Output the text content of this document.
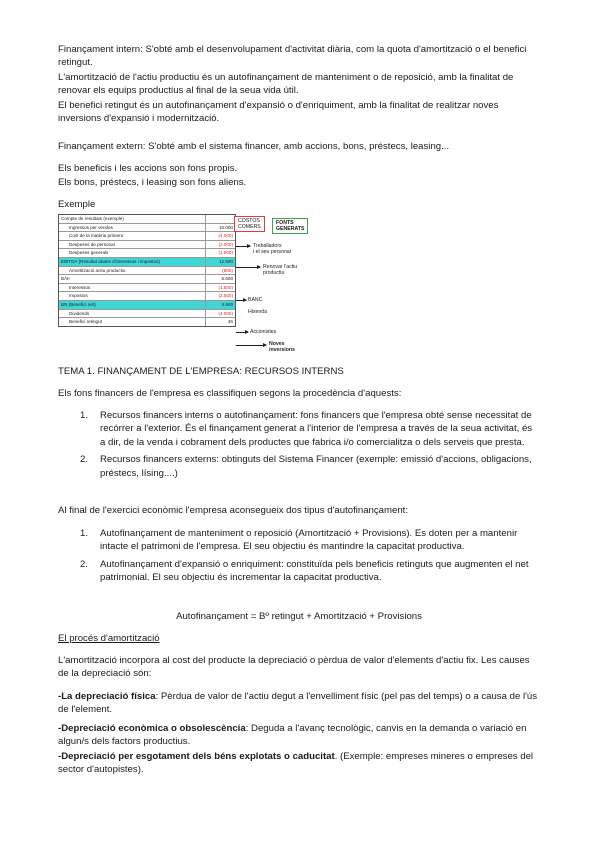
Finançament intern: S'obté amb el desenvolupament d'activitat diària, com la quota d'amortització o el benefici retingut.

L'amortització de l'actiu productiu és un autofinançament de manteniment o de reposició, amb la finalitat de renovar els equips productius al final de la seua vida útil.

El benefici retingut és un autofinançament d'expansió o d'enriquiment, amb la finalitat de realitzar noves inversions d'expansió i modernització.

Finançament extern: S'obté amb el sistema financer, amb accions, bons, préstecs, leasing...

Els beneficis i les accions son fons propis.

Els bons, préstecs, i leasing son fons aliens.

Exemple

Compte de resultats (exemple)
Ingressos per vendes	10.000
Cost de la matèria primera	(4.000)
Despeses de personal	(2.000)
Despeses generals	(1.500)
EBITDA (Resultat abans d'interessos i impostos)	12.500
Amortització actiu productiu	(800)
BAII	5.500
Interessos	(1.500)
Impostos	(2.000)
BN (Benefici net)	4.900
Dividends	(4.000)
Benefici retingut	46
COSTOS
COMERS
FONTS
GENERATS
Treballadors
i el seu personal
Renovar l'actiu
productiu
BANC
Hisenda
Accionistes
Noves
inversions

TEMA 1. FINANÇAMENT DE L'EMPRESA: RECURSOS INTERNS

Els fons financers de l'empresa es classifiquen segons la procedència d'aquests:

1. Recursos financers interns o autofinançament: fons financers que l'empresa obté sense necessitat de recórrer a l'exterior. És el finançament generat a l'interior de l'empresa a través de la seua activitat, és a dir, de la venda i cobrament dels productes que fabrica i/o comercialitza o dels serveis que presta.
2. Recursos financers externs: obtinguts del Sistema Financer (exemple: emissió d'accions, obligacions, préstecs, lísing....)

Al final de l'exercici econòmic l'empresa aconsegueix dos tipus d'autofinançament:

1. Autofinançament de manteniment o reposició (Amortització + Provisions). Es doten per a mantenir intacte el patrimoni de l'empresa. El seu objectiu és mantindre la capacitat productiva.
2. Autofinançament d'expansió o enriquiment: constituïda pels beneficis retinguts que augmenten el net patrimonial. El seu objectiu és incrementar la capacitat productiva.

Autofinançament = Bº retingut + Amortització + Provisions

El procés d'amortització

L'amortització incorpora al cost del producte la depreciació o pèrdua de valor d'elements d'actiu fix. Les causes de la depreciació són:

-La depreciació física: Pèrdua de valor de l'actiu degut a l'envelliment físic (pel pas del temps) o a causa de l'ús de l'element.

-Depreciació econòmica o obsolescència: Deguda a l'avanç tecnològic, canvis en la demanda o variació en algun/s dels factors productius.

-Depreciació per esgotament dels béns explotats o caducitat. (Exemple: empreses mineres o empreses del sector d'autopistes).
